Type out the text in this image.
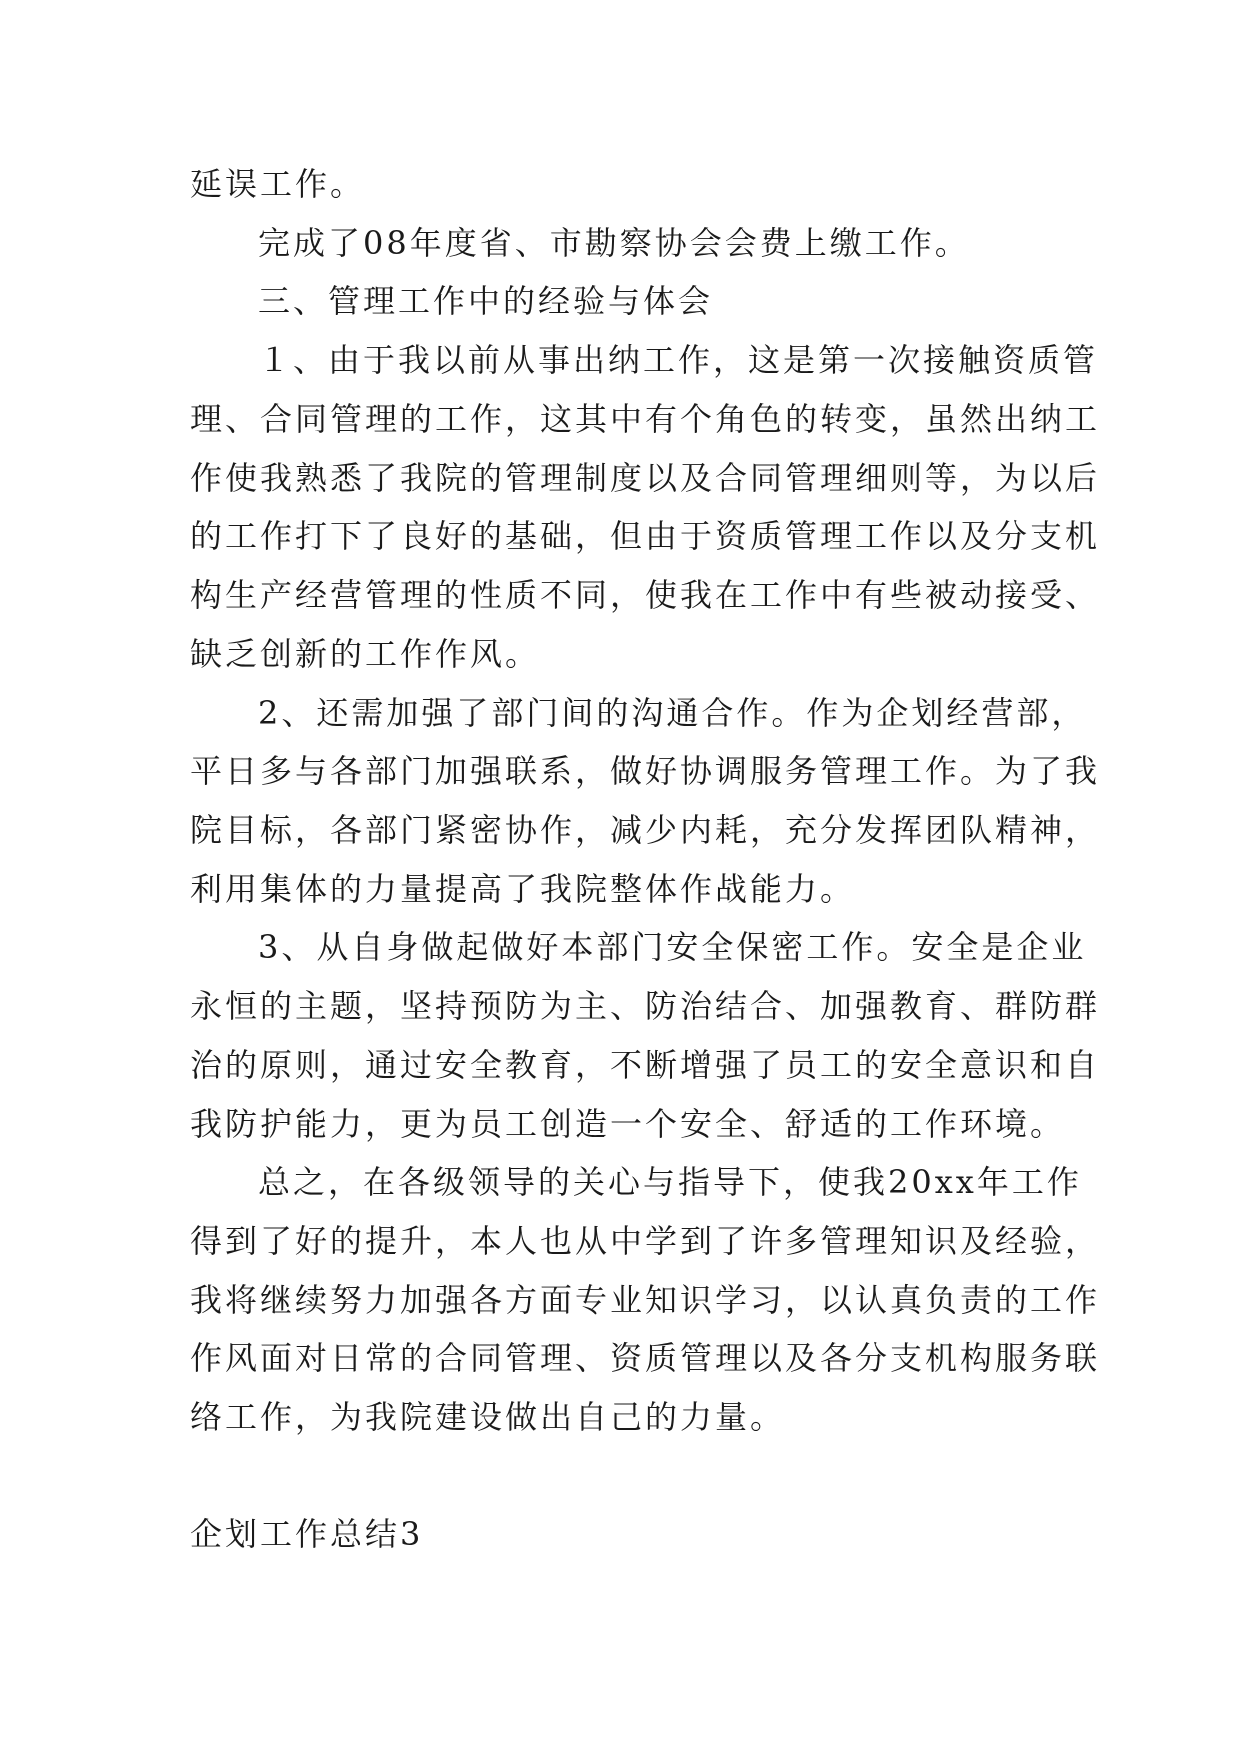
延误工作。
完成了08年度省、市勘察协会会费上缴工作。
三、管理工作中的经验与体会
１、由于我以前从事出纳工作，这是第一次接触资质管
理、合同管理的工作，这其中有个角色的转变，虽然出纳工
作使我熟悉了我院的管理制度以及合同管理细则等，为以后
的工作打下了良好的基础，但由于资质管理工作以及分支机
构生产经营管理的性质不同，使我在工作中有些被动接受、
缺乏创新的工作作风。
2、还需加强了部门间的沟通合作。作为企划经营部，
平日多与各部门加强联系，做好协调服务管理工作。为了我
院目标，各部门紧密协作，减少内耗，充分发挥团队精神，
利用集体的力量提高了我院整体作战能力。
3、从自身做起做好本部门安全保密工作。安全是企业
永恒的主题，坚持预防为主、防治结合、加强教育、群防群
治的原则，通过安全教育，不断增强了员工的安全意识和自
我防护能力，更为员工创造一个安全、舒适的工作环境。
总之，在各级领导的关心与指导下，使我20xx年工作
得到了好的提升，本人也从中学到了许多管理知识及经验，
我将继续努力加强各方面专业知识学习，以认真负责的工作
作风面对日常的合同管理、资质管理以及各分支机构服务联
络工作，为我院建设做出自己的力量。
企划工作总结3
